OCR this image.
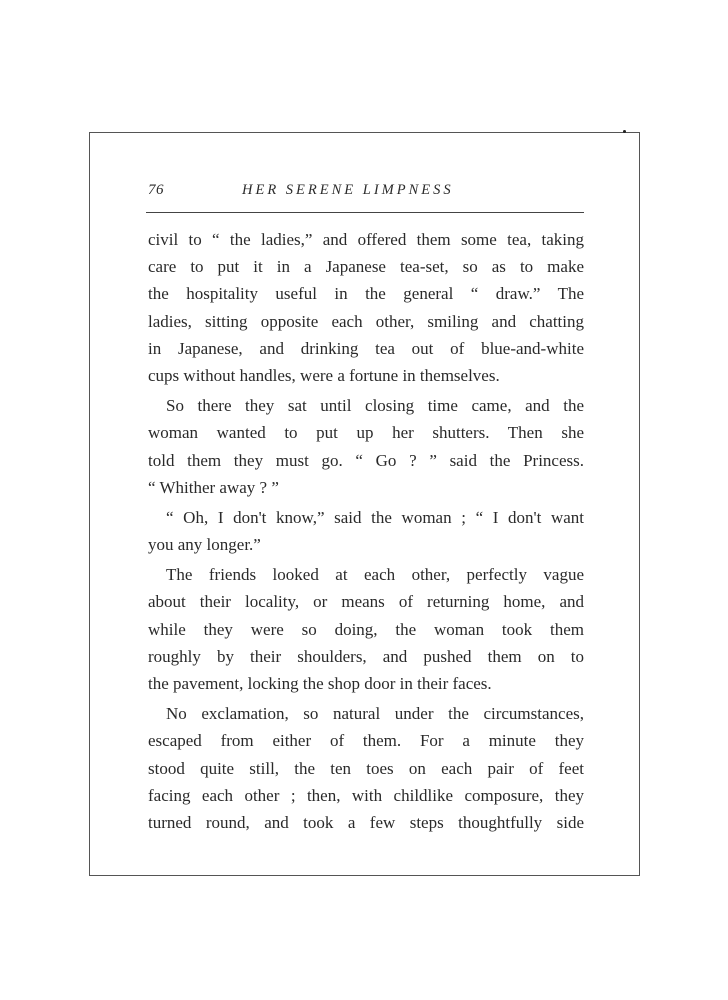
76	HER SERENE LIMPNESS
civil to “ the ladies,” and offered them some tea, taking
care to put it in a Japanese tea-set, so as to make
the hospitality useful in the general “ draw.” The
ladies, sitting opposite each other, smiling and chatting
in Japanese, and drinking tea out of blue-and-white
cups without handles, were a fortune in themselves.
So there they sat until closing time came, and the
woman wanted to put up her shutters. Then she
told them they must go. “ Go ? ” said the Princess.
“ Whither away ? ”
“ Oh, I don't know,” said the woman ; “ I don't want
you any longer.”
The friends looked at each other, perfectly vague
about their locality, or means of returning home, and
while they were so doing, the woman took them
roughly by their shoulders, and pushed them on to
the pavement, locking the shop door in their faces.
No exclamation, so natural under the circumstances,
escaped from either of them. For a minute they
stood quite still, the ten toes on each pair of feet
facing each other ; then, with childlike composure, they
turned round, and took a few steps thoughtfully side
